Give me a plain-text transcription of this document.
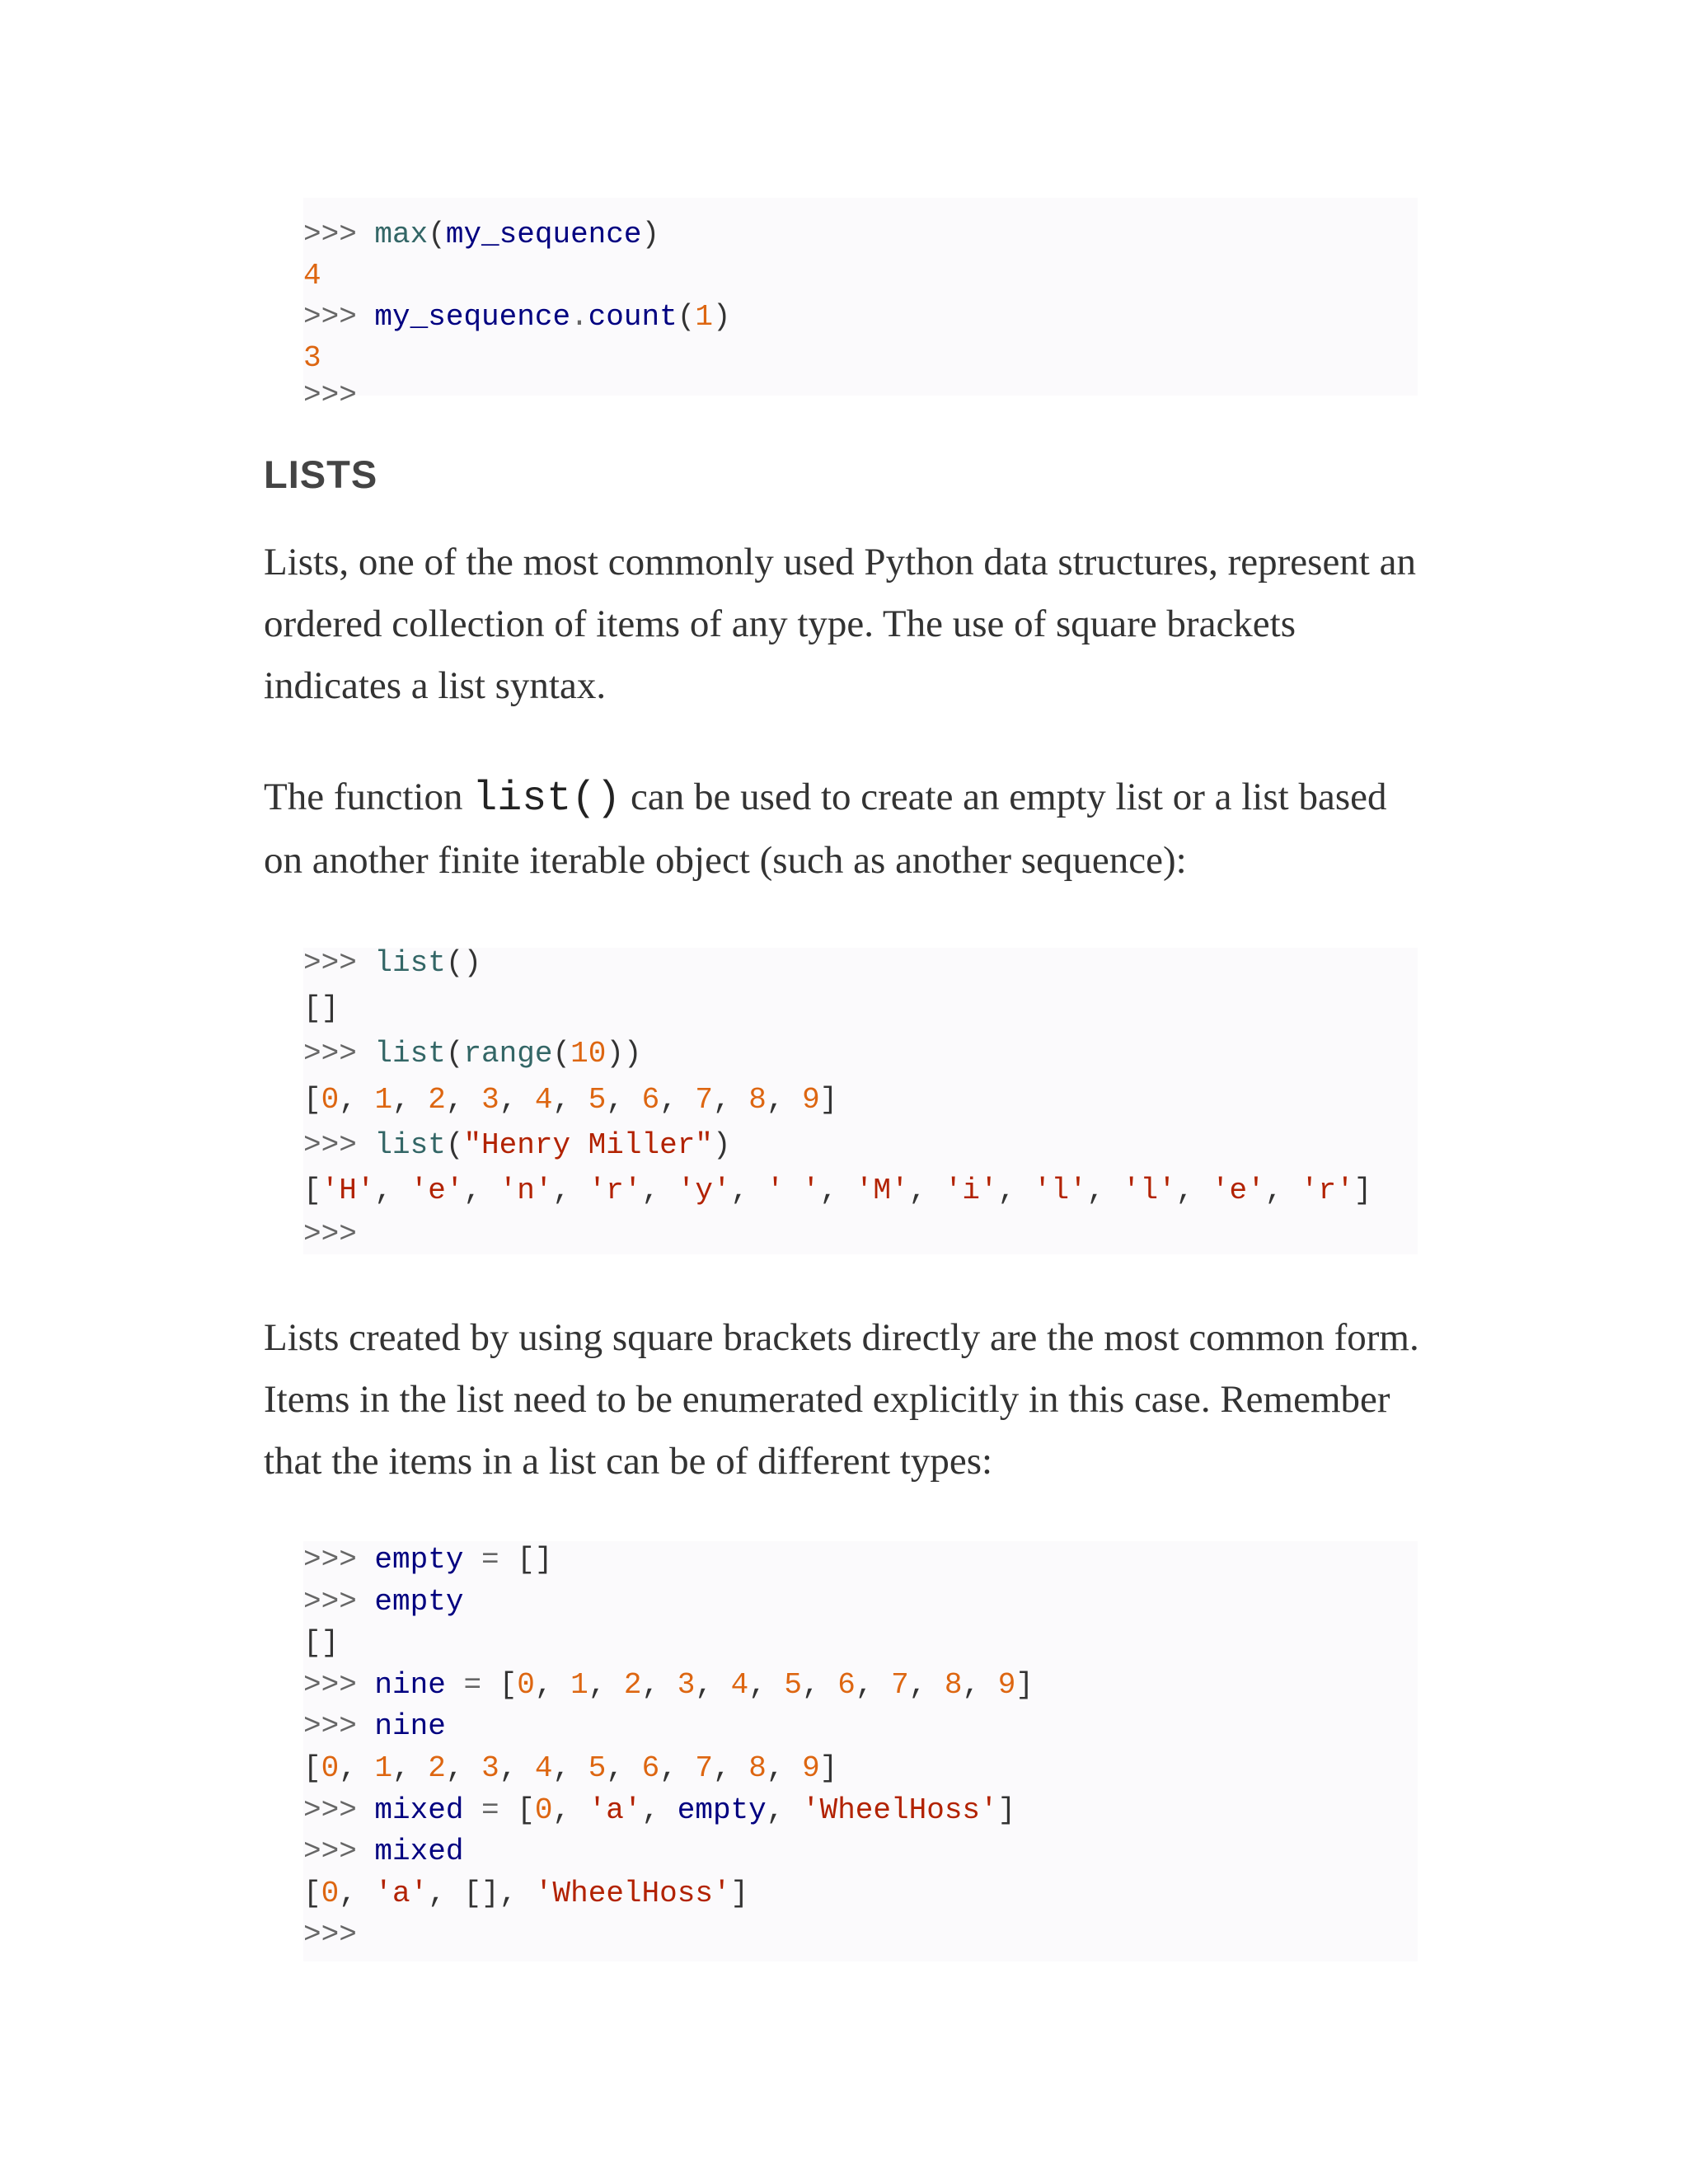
>>> max(my_sequence)
4
>>> my_sequence.count(1)
3
>>>
LISTS

Lists, one of the most commonly used Python data structures, represent an ordered collection of items of any type. The use of square brackets indicates a list syntax.

The function list() can be used to create an empty list or a list based on another finite iterable object (such as another sequence):

>>> list()
[]
>>> list(range(10))
[0, 1, 2, 3, 4, 5, 6, 7, 8, 9]
>>> list("Henry Miller")
['H', 'e', 'n', 'r', 'y', ' ', 'M', 'i', 'l', 'l', 'e', 'r']
>>>

Lists created by using square brackets directly are the most common form. Items in the list need to be enumerated explicitly in this case. Remember that the items in a list can be of different types:

>>> empty = []
>>> empty
[]
>>> nine = [0, 1, 2, 3, 4, 5, 6, 7, 8, 9]
>>> nine
[0, 1, 2, 3, 4, 5, 6, 7, 8, 9]
>>> mixed = [0, 'a', empty, 'WheelHoss']
>>> mixed
[0, 'a', [], 'WheelHoss']
>>>
